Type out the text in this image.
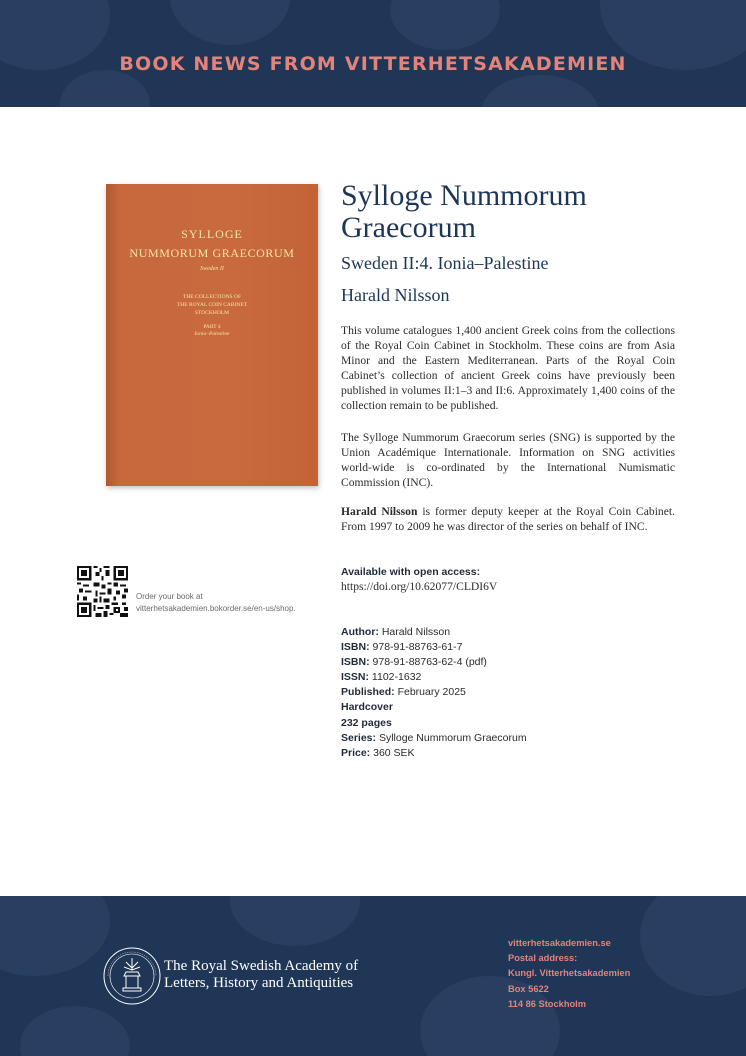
BOOK NEWS FROM VITTERHETSAKADEMIEN
SYLLOGE
NUMMORUM GRAECORUM
Sweden II
THE COLLECTIONS OF
THE ROYAL COIN CABINET
STOCKHOLM
PART 4
Ionia–Palestine
Sylloge Nummorum Graecorum
Sweden II:4. Ionia–Palestine
Harald Nilsson
This volume catalogues 1,400 ancient Greek coins from the collections of the Royal Coin Cabinet in Stockholm. These coins are from Asia Minor and the Eastern Mediterranean. Parts of the Royal Coin Cabinet’s collection of ancient Greek coins have previously been published in volumes II:1–3 and II:6. Approximately 1,400 coins of the collection remain to be published.
The Sylloge Nummorum Graecorum series (SNG) is supported by the Union Académique Internationale. Information on SNG activities world-wide is co-ordinated by the International Numismatic Commission (INC).
Harald Nilsson is former deputy keeper at the Royal Coin Cabinet. From 1997 to 2009 he was director of the series on behalf of INC.
Available with open access:
https://doi.org/10.62077/CLDI6V
Order your book at
vitterhetsakademien.bokorder.se/en-us/shop.
Author: Harald Nilsson
ISBN: 978-91-88763-61-7
ISBN: 978-91-88763-62-4 (pdf)
ISSN: 1102-1632
Published: February 2025
Hardcover
232 pages
Series: Sylloge Nummorum Graecorum
Price: 360 SEK
The Royal Swedish Academy of
Letters, History and Antiquities
vitterhetsakademien.se
Postal address:
Kungl. Vitterhetsakademien
Box 5622
114 86 Stockholm
